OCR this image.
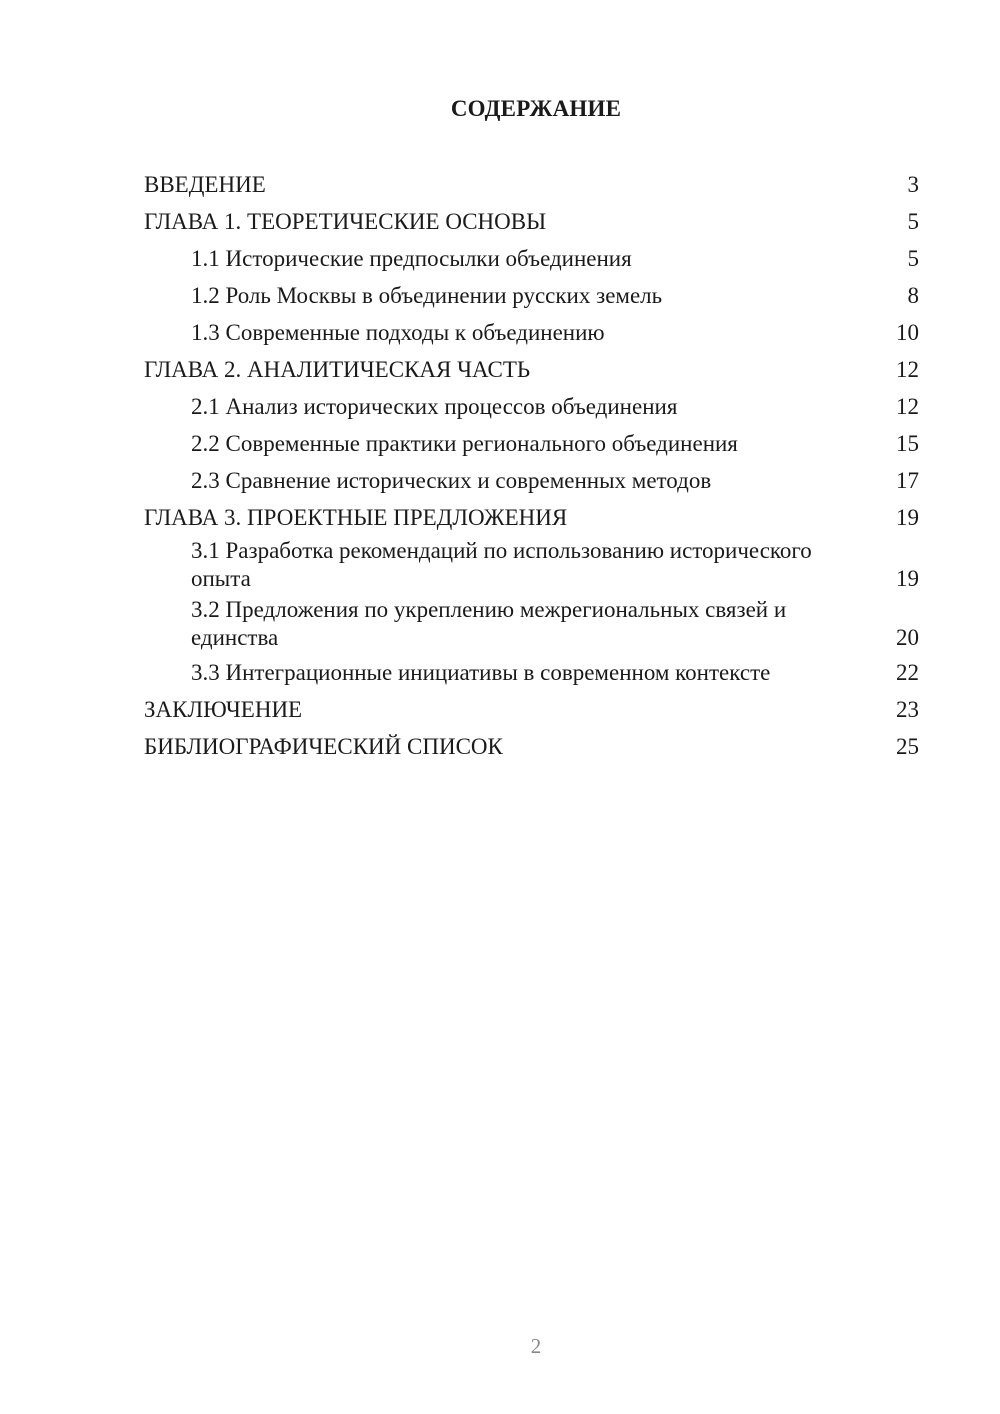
СОДЕРЖАНИЕ
ВВЕДЕНИЕ	3
ГЛАВА 1. ТЕОРЕТИЧЕСКИЕ ОСНОВЫ	5
1.1 Исторические предпосылки объединения	5
1.2 Роль Москвы в объединении русских земель	8
1.3 Современные подходы к объединению	10
ГЛАВА 2. АНАЛИТИЧЕСКАЯ ЧАСТЬ	12
2.1 Анализ исторических процессов объединения	12
2.2 Современные практики регионального объединения	15
2.3 Сравнение исторических и современных методов	17
ГЛАВА 3. ПРОЕКТНЫЕ ПРЕДЛОЖЕНИЯ	19
3.1 Разработка рекомендаций по использованию исторического опыта	19
3.2 Предложения по укреплению межрегиональных связей и единства	20
3.3 Интеграционные инициативы в современном контексте	22
ЗАКЛЮЧЕНИЕ	23
БИБЛИОГРАФИЧЕСКИЙ СПИСОК	25
2
